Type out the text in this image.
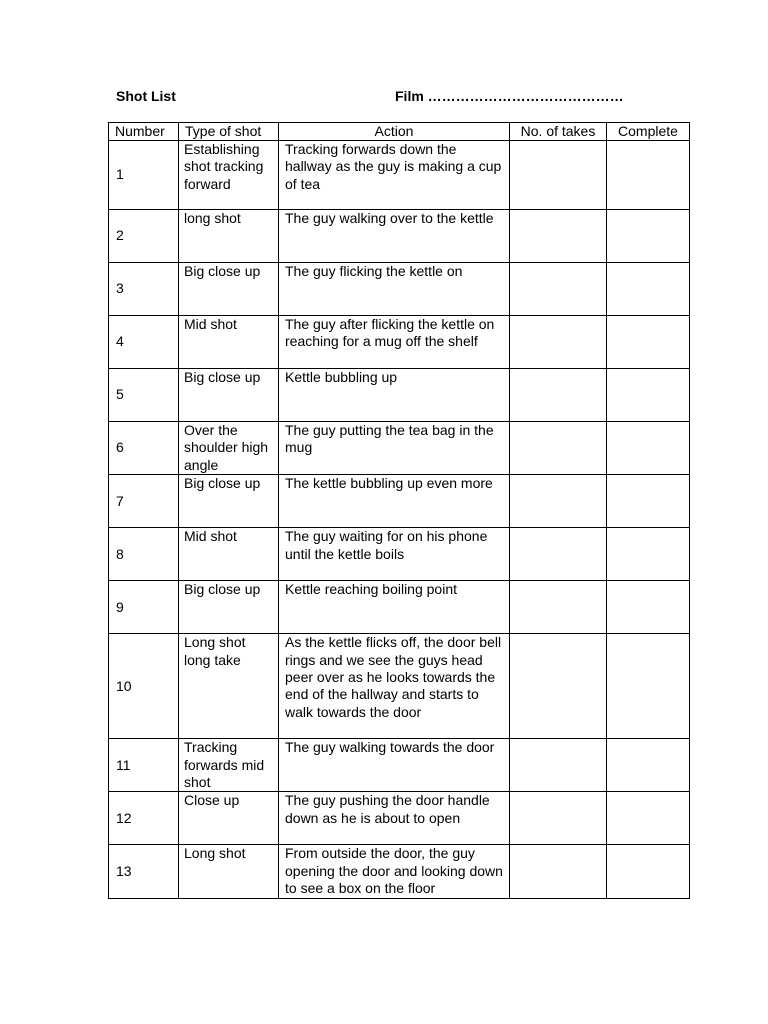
Shot List	Film ……………………………………
Number	Type of shot	Action	No. of takes	Complete
1	Establishing shot tracking forward	Tracking forwards down the hallway as the guy is making a cup of tea		
2	long shot	The guy walking over to the kettle		
3	Big close up	The guy flicking the kettle on		
4	Mid shot	The guy after flicking the kettle on reaching for a mug off the shelf		
5	Big close up	Kettle bubbling up		
6	Over the shoulder high angle	The guy putting the tea bag in the mug		
7	Big close up	The kettle bubbling up even more		
8	Mid shot	The guy waiting for on his phone until the kettle boils		
9	Big close up	Kettle reaching boiling point		
10	Long shot long take	As the kettle flicks off, the door bell rings and we see the guys head peer over as he looks towards the end of the hallway and starts to walk towards the door		
11	Tracking forwards mid shot	The guy walking towards the door		
12	Close up	The guy pushing the door handle down as he is about to open		
13	Long shot	From outside the door, the guy opening the door and looking down to see a box on the floor		
